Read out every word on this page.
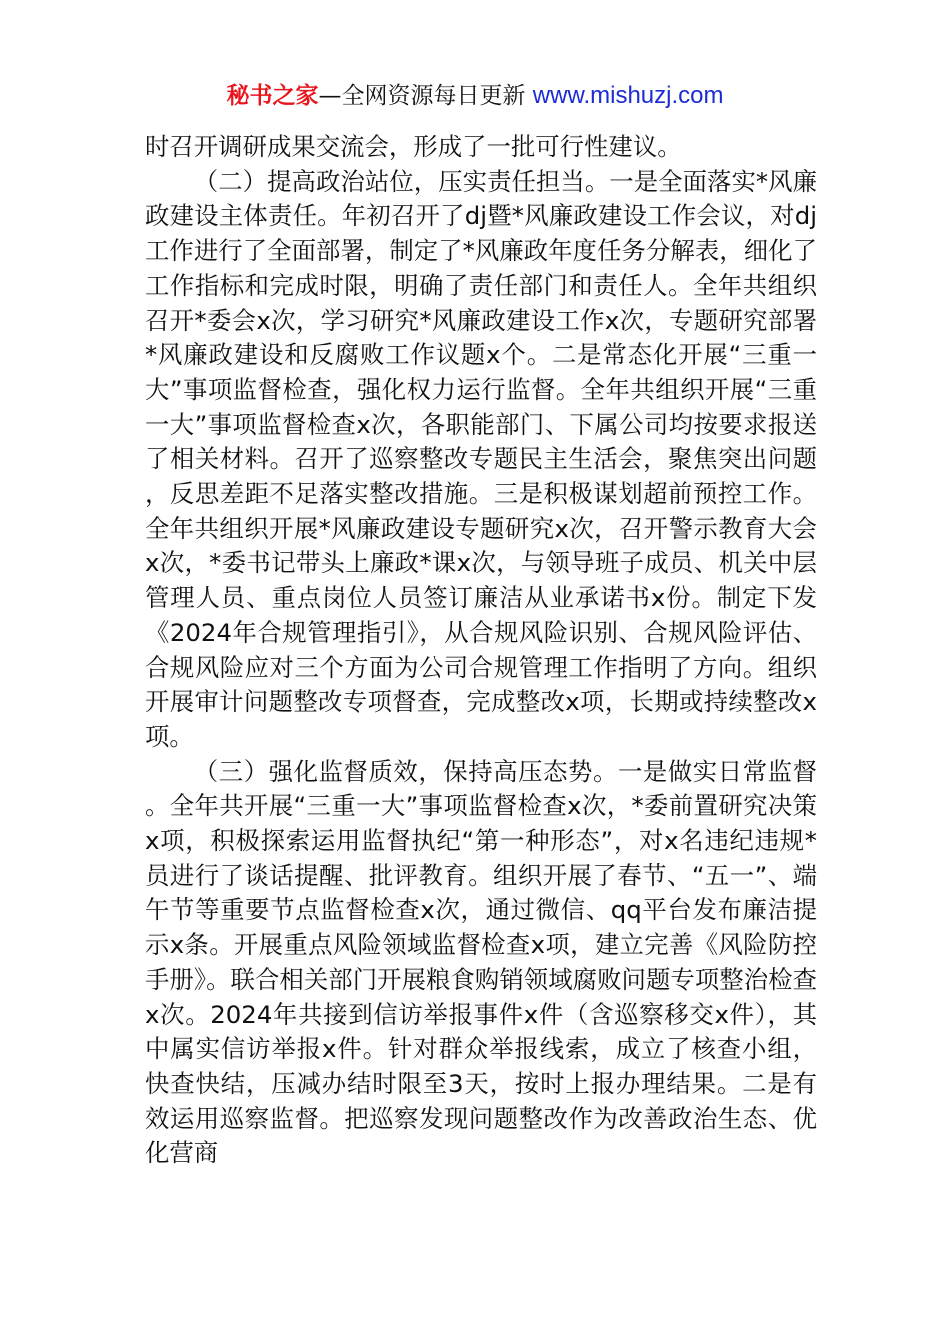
秘书之家—全网资源每日更新 www.mishuzj.com

时召开调研成果交流会，形成了一批可行性建议。

（二）提高政治站位，压实责任担当。一是全面落实*风廉政建设主体责任。年初召开了dj暨*风廉政建设工作会议，对dj工作进行了全面部署，制定了*风廉政年度任务分解表，细化了工作指标和完成时限，明确了责任部门和责任人。全年共组织召开*委会x次，学习研究*风廉政建设工作x次，专题研究部署*风廉政建设和反腐败工作议题x个。二是常态化开展“三重一大”事项监督检查，强化权力运行监督。全年共组织开展“三重一大”事项监督检查x次，各职能部门、下属公司均按要求报送了相关材料。召开了巡察整改专题民主生活会，聚焦突出问题，反思差距不足落实整改措施。三是积极谋划超前预控工作。全年共组织开展*风廉政建设专题研究x次，召开警示教育大会x次，*委书记带头上廉政*课x次，与领导班子成员、机关中层管理人员、重点岗位人员签订廉洁从业承诺书x份。制定下发《2024年合规管理指引》，从合规风险识别、合规风险评估、合规风险应对三个方面为公司合规管理工作指明了方向。组织开展审计问题整改专项督查，完成整改x项，长期或持续整改x项。

（三）强化监督质效，保持高压态势。一是做实日常监督。全年共开展“三重一大”事项监督检查x次，*委前置研究决策x项，积极探索运用监督执纪“第一种形态”，对x名违纪违规*员进行了谈话提醒、批评教育。组织开展了春节、“五一”、端午节等重要节点监督检查x次，通过微信、qq平台发布廉洁提示x条。开展重点风险领域监督检查x项，建立完善《风险防控手册》。联合相关部门开展粮食购销领域腐败问题专项整治检查x次。2024年共接到信访举报事件x件（含巡察移交x件），其中属实信访举报x件。针对群众举报线索，成立了核查小组，快查快结，压减办结时限至3天，按时上报办理结果。二是有效运用巡察监督。把巡察发现问题整改作为改善政治生态、优化营商
